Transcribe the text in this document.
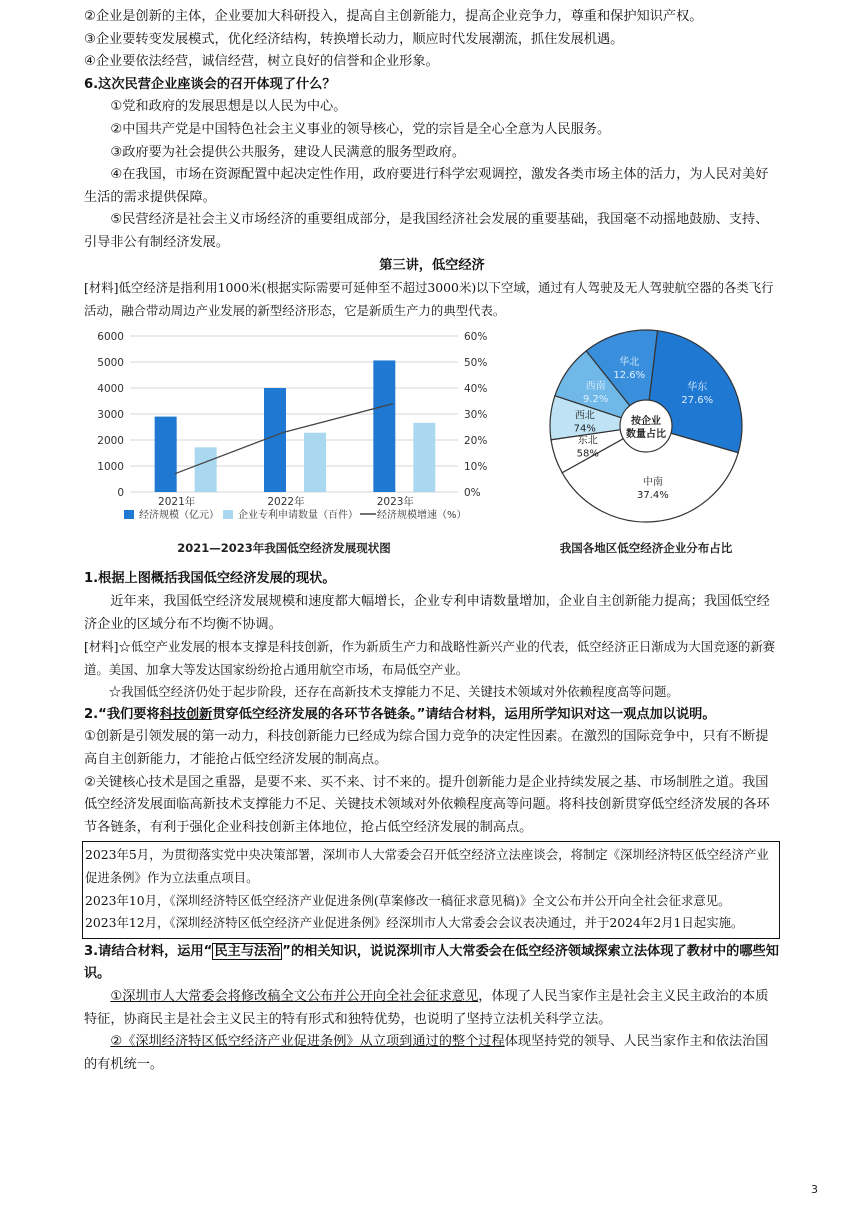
②企业是创新的主体，企业要加大科研投入，提高自主创新能力，提高企业竞争力，尊重和保护知识产权。

③企业要转变发展模式，优化经济结构，转换增长动力，顺应时代发展潮流，抓住发展机遇。

④企业要依法经营，诚信经营，树立良好的信誉和企业形象。

6.这次民营企业座谈会的召开体现了什么？

①党和政府的发展思想是以人民为中心。

②中国共产党是中国特色社会主义事业的领导核心，党的宗旨是全心全意为人民服务。

③政府要为社会提供公共服务，建设人民满意的服务型政府。

④在我国，市场在资源配置中起决定性作用，政府要进行科学宏观调控，激发各类市场主体的活力，为人民对美好生活的需求提供保障。

⑤民营经济是社会主义市场经济的重要组成部分，是我国经济社会发展的重要基础，我国毫不动摇地鼓励、支持、引导非公有制经济发展。

第三讲，低空经济

[材料]低空经济是指利用1000米(根据实际需要可延伸至不超过3000米)以下空域，通过有人驾驶及无人驾驶航空器的各类飞行活动，融合带动周边产业发展的新型经济形态，它是新质生产力的典型代表。

0
1000
2000
3000
4000
5000
6000
0%
10%
20%
30%
40%
50%
60%
2021年	2022年	2023年
经济规模（亿元） 企业专利申请数量（百件） 经济规模增速（%）
2021—2023年我国低空经济发展现状图
华东
27.6%
中南
37.4%
东北
58%
西北
74%
西南
9.2%
华北
12.6%
按企业
数量占比
我国各地区低空经济企业分布占比

1.根据上图概括我国低空经济发展的现状。

近年来，我国低空经济发展规模和速度都大幅增长，企业专利申请数量增加，企业自主创新能力提高；我国低空经济企业的区域分布不均衡不协调。

[材料]☆低空产业发展的根本支撑是科技创新，作为新质生产力和战略性新兴产业的代表，低空经济正日渐成为大国竞逐的新赛道。美国、加拿大等发达国家纷纷抢占通用航空市场，布局低空产业。

☆我国低空经济仍处于起步阶段，还存在高新技术支撑能力不足、关键技术领域对外依赖程度高等问题。

2.“我们要将科技创新贯穿低空经济发展的各环节各链条。”请结合材料，运用所学知识对这一观点加以说明。

①创新是引领发展的第一动力，科技创新能力已经成为综合国力竞争的决定性因素。在激烈的国际竞争中，只有不断提高自主创新能力，才能抢占低空经济发展的制高点。

②关键核心技术是国之重器，是要不来、买不来、讨不来的。提升创新能力是企业持续发展之基、市场制胜之道。我国低空经济发展面临高新技术支撑能力不足、关键技术领域对外依赖程度高等问题。将科技创新贯穿低空经济发展的各环节各链条，有利于强化企业科技创新主体地位，抢占低空经济发展的制高点。

2023年5月，为贯彻落实党中央决策部署，深圳市人大常委会召开低空经济立法座谈会，将制定《深圳经济特区低空经济产业促进条例》作为立法重点项目。

2023年10月，《深圳经济特区低空经济产业促进条例(草案修改一稿征求意见稿)》全文公布并公开向全社会征求意见。

2023年12月，《深圳经济特区低空经济产业促进条例》经深圳市人大常委会会议表决通过，并于2024年2月1日起实施。

3.请结合材料，运用“ 民主与法治 ”的相关知识，说说深圳市人大常委会在低空经济领域探索立法体现了教材中的哪些知识。

①深圳市人大常委会将修改稿全文公布并公开向全社会征求意见，体现了人民当家作主是社会主义民主政治的本质特征，协商民主是社会主义民主的特有形式和独特优势，也说明了坚持立法机关科学立法。

②《深圳经济特区低空经济产业促进条例》从立项到通过的整个过程体现坚持党的领导、人民当家作主和依法治国的有机统一。

3
